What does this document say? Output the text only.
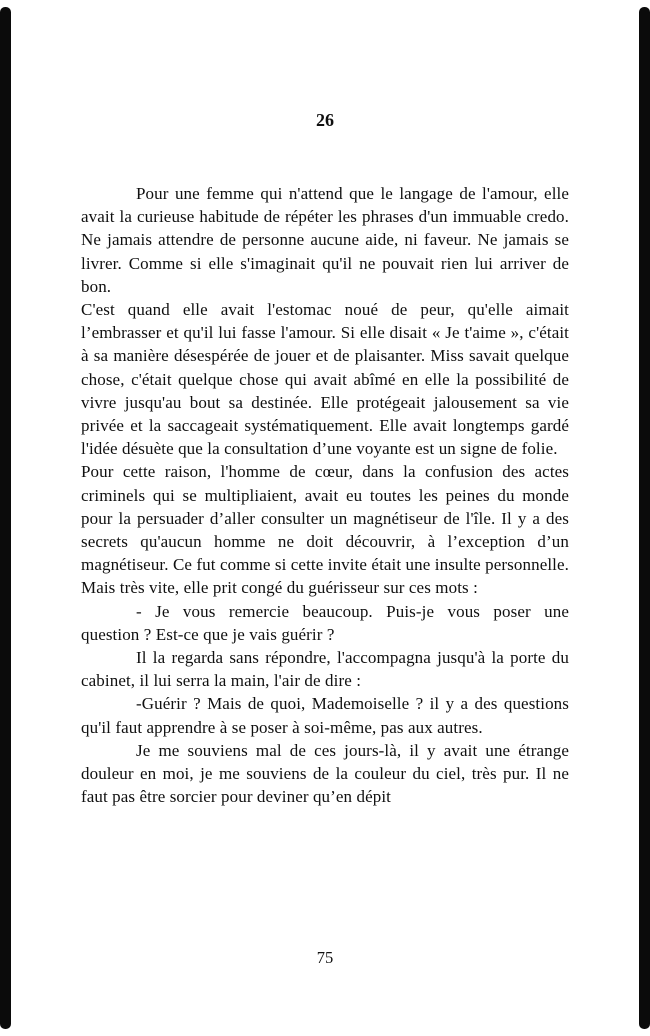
26

Pour une femme qui n'attend que le langage de l'amour, elle avait la curieuse habitude de répéter les phrases d'un immuable credo. Ne jamais attendre de personne aucune aide, ni faveur. Ne jamais se livrer. Comme si elle s'imaginait qu'il ne pouvait rien lui arriver de bon.

C'est quand elle avait l'estomac noué de peur, qu'elle aimait l’embrasser et qu'il lui fasse l'amour. Si elle disait « Je t'aime », c'était à sa manière désespérée de jouer et de plaisanter. Miss savait quelque chose, c'était quelque chose qui avait abîmé en elle la possibilité de vivre jusqu'au bout sa destinée. Elle protégeait jalousement sa vie privée et la saccageait systématiquement. Elle avait longtemps gardé l'idée désuète que la consultation d’une voyante est un signe de folie.

Pour cette raison, l'homme de cœur, dans la confusion des actes criminels qui se multipliaient, avait eu toutes les peines du monde pour la persuader d’aller consulter un magnétiseur de l'île. Il y a des secrets qu'aucun homme ne doit découvrir, à l’exception d’un magnétiseur. Ce fut comme si cette invite était une insulte personnelle. Mais très vite, elle prit congé du guérisseur sur ces mots :

- Je vous remercie beaucoup. Puis-je vous poser une question ? Est-ce que je vais guérir ?

Il la regarda sans répondre, l'accompagna jusqu'à la porte du cabinet, il lui serra la main, l'air de dire :

-Guérir ? Mais de quoi, Mademoiselle ? il y a des questions qu'il faut apprendre à se poser à soi-même, pas aux autres.

Je me souviens mal de ces jours-là, il y avait une étrange douleur en moi, je me souviens de la couleur du ciel, très pur. Il ne faut pas être sorcier pour deviner qu’en dépit

75
